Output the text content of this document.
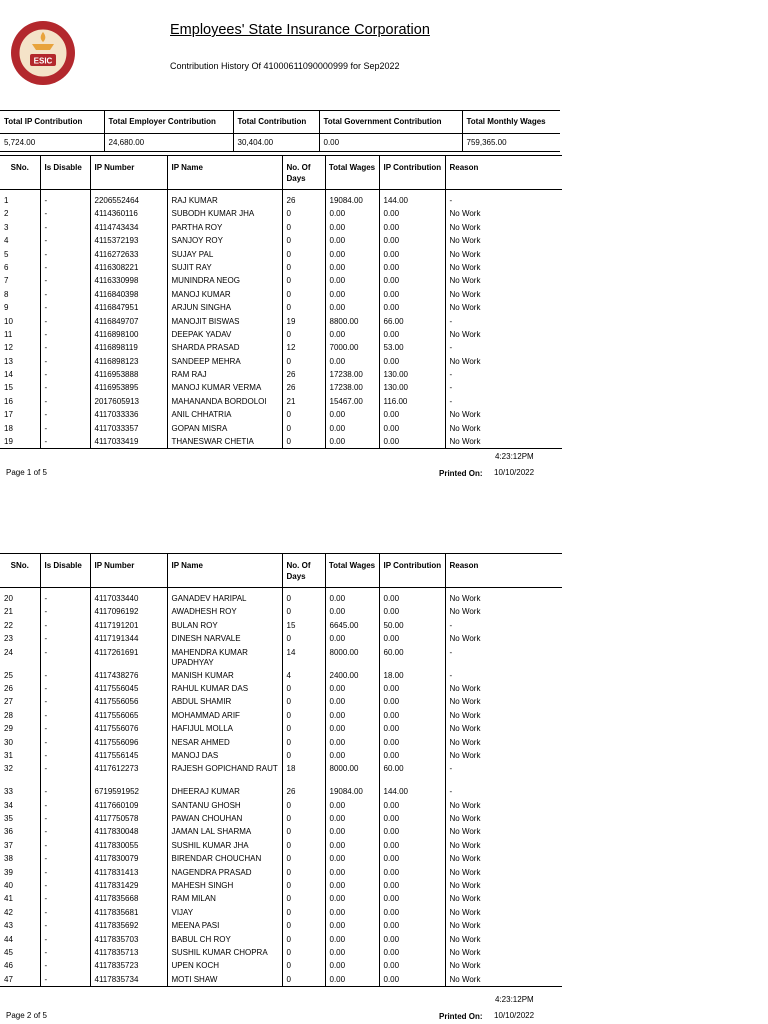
ESIC
Employees' State Insurance Corporation
Contribution History Of 41000611090000999 for Sep2022
Total IP Contribution	Total Employer Contribution	Total Contribution	Total Government Contribution	Total Monthly Wages
5,724.00	24,680.00	30,404.00	0.00	759,365.00
SNo.	Is Disable	IP Number	IP Name	No. Of Days	Total Wages	IP Contribution	Reason

1	-	2206552464	RAJ KUMAR	26	19084.00	144.00	-
2	-	4114360116	SUBODH KUMAR JHA	0	0.00	0.00	No Work
3	-	4114743434	PARTHA ROY	0	0.00	0.00	No Work
4	-	4115372193	SANJOY ROY	0	0.00	0.00	No Work
5	-	4116272633	SUJAY PAL	0	0.00	0.00	No Work
6	-	4116308221	SUJIT RAY	0	0.00	0.00	No Work
7	-	4116330998	MUNINDRA NEOG	0	0.00	0.00	No Work
8	-	4116840398	MANOJ KUMAR	0	0.00	0.00	No Work
9	-	4116847951	ARJUN SINGHA	0	0.00	0.00	No Work
10	-	4116849707	MANOJIT BISWAS	19	8800.00	66.00	-
11	-	4116898100	DEEPAK YADAV	0	0.00	0.00	No Work
12	-	4116898119	SHARDA PRASAD	12	7000.00	53.00	-
13	-	4116898123	SANDEEP MEHRA	0	0.00	0.00	No Work
14	-	4116953888	RAM RAJ	26	17238.00	130.00	-
15	-	4116953895	MANOJ KUMAR VERMA	26	17238.00	130.00	-
16	-	2017605913	MAHANANDA BORDOLOI	21	15467.00	116.00	-
17	-	4117033336	ANIL CHHATRIA	0	0.00	0.00	No Work
18	-	4117033357	GOPAN MISRA	0	0.00	0.00	No Work
19	-	4117033419	THANESWAR CHETIA	0	0.00	0.00	No Work
4:23:12PM
Page 1 of 5	Printed On: 10/10/2022
SNo.	Is Disable	IP Number	IP Name	No. Of Days	Total Wages	IP Contribution	Reason

20	-	4117033440	GANADEV HARIPAL	0	0.00	0.00	No Work
21	-	4117096192	AWADHESH ROY	0	0.00	0.00	No Work
22	-	4117191201	BULAN ROY	15	6645.00	50.00	-
23	-	4117191344	DINESH NARVALE	0	0.00	0.00	No Work
24	-	4117261691	MAHENDRA KUMAR UPADHYAY	14	8000.00	60.00	-
25	-	4117438276	MANISH KUMAR	4	2400.00	18.00	-
26	-	4117556045	RAHUL KUMAR DAS	0	0.00	0.00	No Work
27	-	4117556056	ABDUL SHAMIR	0	0.00	0.00	No Work
28	-	4117556065	MOHAMMAD ARIF	0	0.00	0.00	No Work
29	-	4117556076	HAFIJUL MOLLA	0	0.00	0.00	No Work
30	-	4117556096	NESAR AHMED	0	0.00	0.00	No Work
31	-	4117556145	MANOJ DAS	0	0.00	0.00	No Work
32	-	4117612273	RAJESH GOPICHAND RAUT	18	8000.00	60.00	-
33	-	6719591952	DHEERAJ KUMAR	26	19084.00	144.00	-
34	-	4117660109	SANTANU GHOSH	0	0.00	0.00	No Work
35	-	4117750578	PAWAN CHOUHAN	0	0.00	0.00	No Work
36	-	4117830048	JAMAN LAL SHARMA	0	0.00	0.00	No Work
37	-	4117830055	SUSHIL KUMAR JHA	0	0.00	0.00	No Work
38	-	4117830079	BIRENDAR CHOUCHAN	0	0.00	0.00	No Work
39	-	4117831413	NAGENDRA PRASAD	0	0.00	0.00	No Work
40	-	4117831429	MAHESH SINGH	0	0.00	0.00	No Work
41	-	4117835668	RAM MILAN	0	0.00	0.00	No Work
42	-	4117835681	VIJAY	0	0.00	0.00	No Work
43	-	4117835692	MEENA PASI	0	0.00	0.00	No Work
44	-	4117835703	BABUL CH ROY	0	0.00	0.00	No Work
45	-	4117835713	SUSHIL KUMAR CHOPRA	0	0.00	0.00	No Work
46	-	4117835723	UPEN KOCH	0	0.00	0.00	No Work
47	-	4117835734	MOTI SHAW	0	0.00	0.00	No Work
4:23:12PM
Page 2 of 5	Printed On: 10/10/2022
